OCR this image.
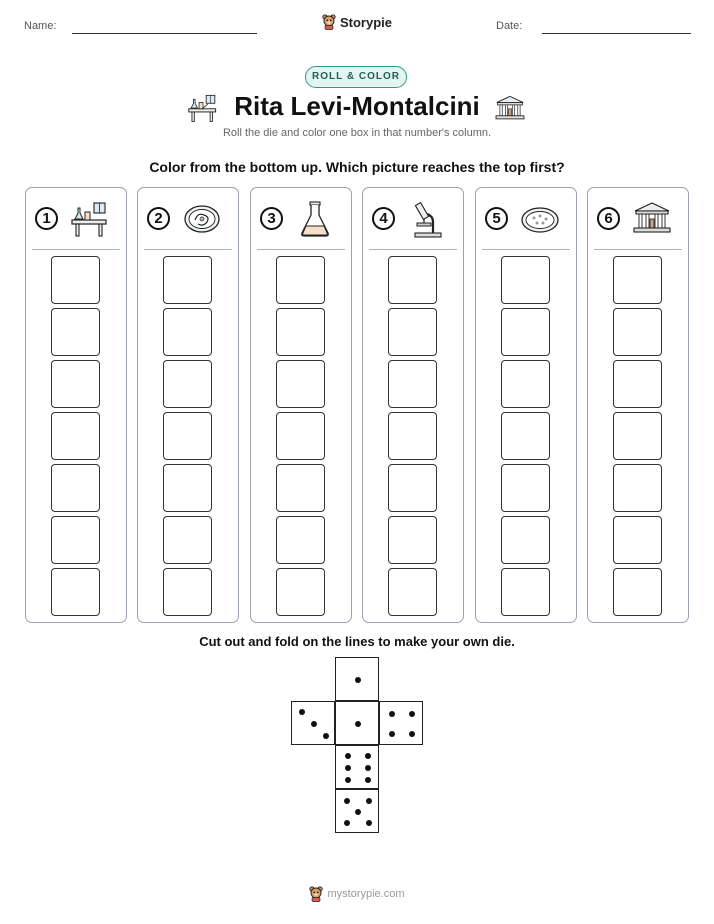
Name:	Date:
Storypie
ROLL & COLOR
Rita Levi-Montalcini
Roll the die and color one box in that number's column.
Color from the bottom up. Which picture reaches the top first?
1	2	3	4	5	6
Cut out and fold on the lines to make your own die.
mystorypie.com
